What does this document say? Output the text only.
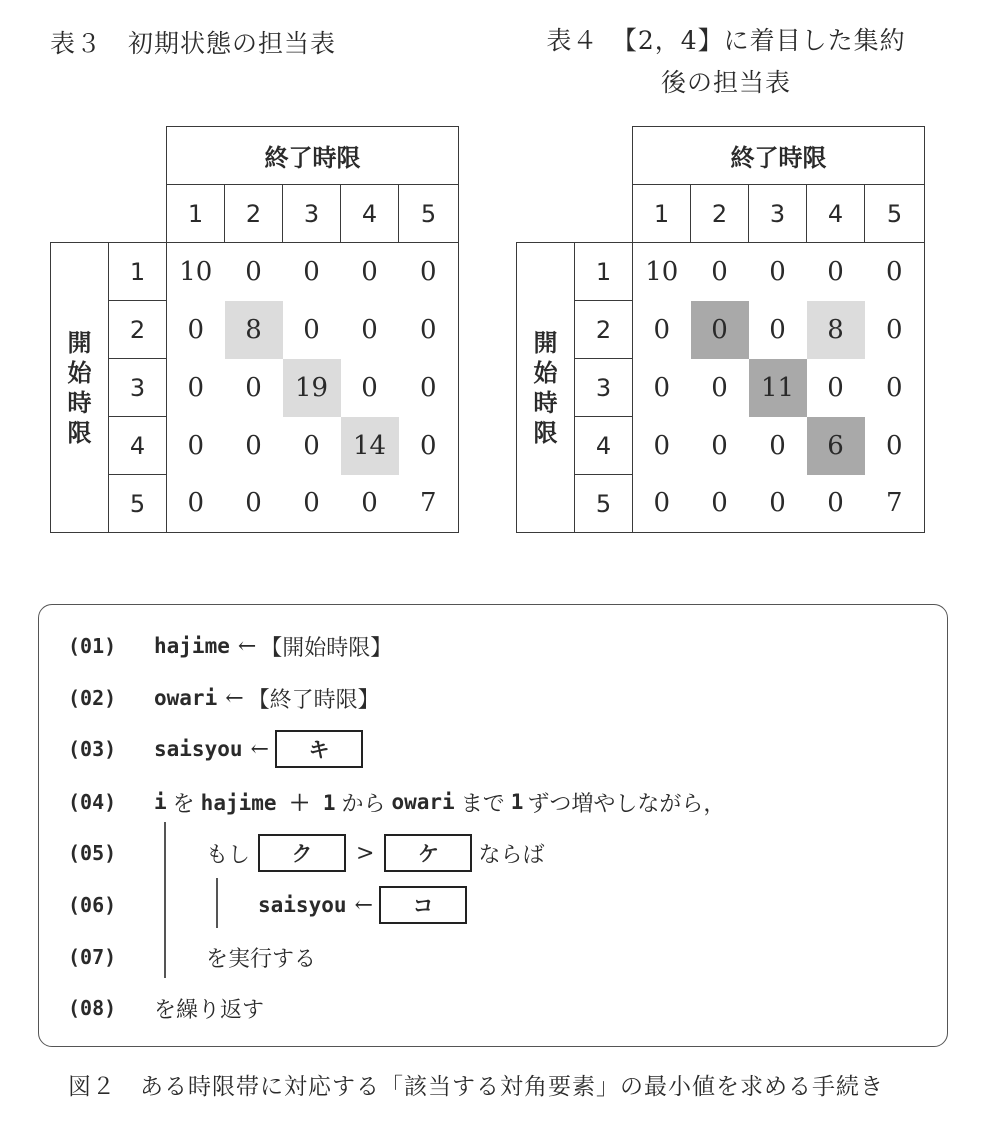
表３　初期状態の担当表	表４　【2，4】に着目した集約
後の担当表
		終了時限				
		1	2	3	4	5

開
始
時
限	1	10	0	0	0	0
	2	0	8	0	0	0
	3	0	0	19	0	0
	4	0	0	0	14	0
	5	0	0	0	0	7
		終了時限				
		1	2	3	4	5

開
始
時
限	1	10	0	0	0	0
	2	0	0	0	8	0
	3	0	0	11	0	0
	4	0	0	0	6	0
	5	0	0	0	0	7
(01) hajime ← 【開始時限】
(02) owari ← 【終了時限】
(03) saisyou ←	キ
(04) i を hajime ＋ 1 から owari まで 1 ずつ増やしながら，
(05)	もし	ク	>	ケ	ならば
(06)	saisyou ←	コ
(07)	を実行する
(08) を繰り返す
図２　ある時限帯に対応する「該当する対角要素」の最小値を求める手続き
